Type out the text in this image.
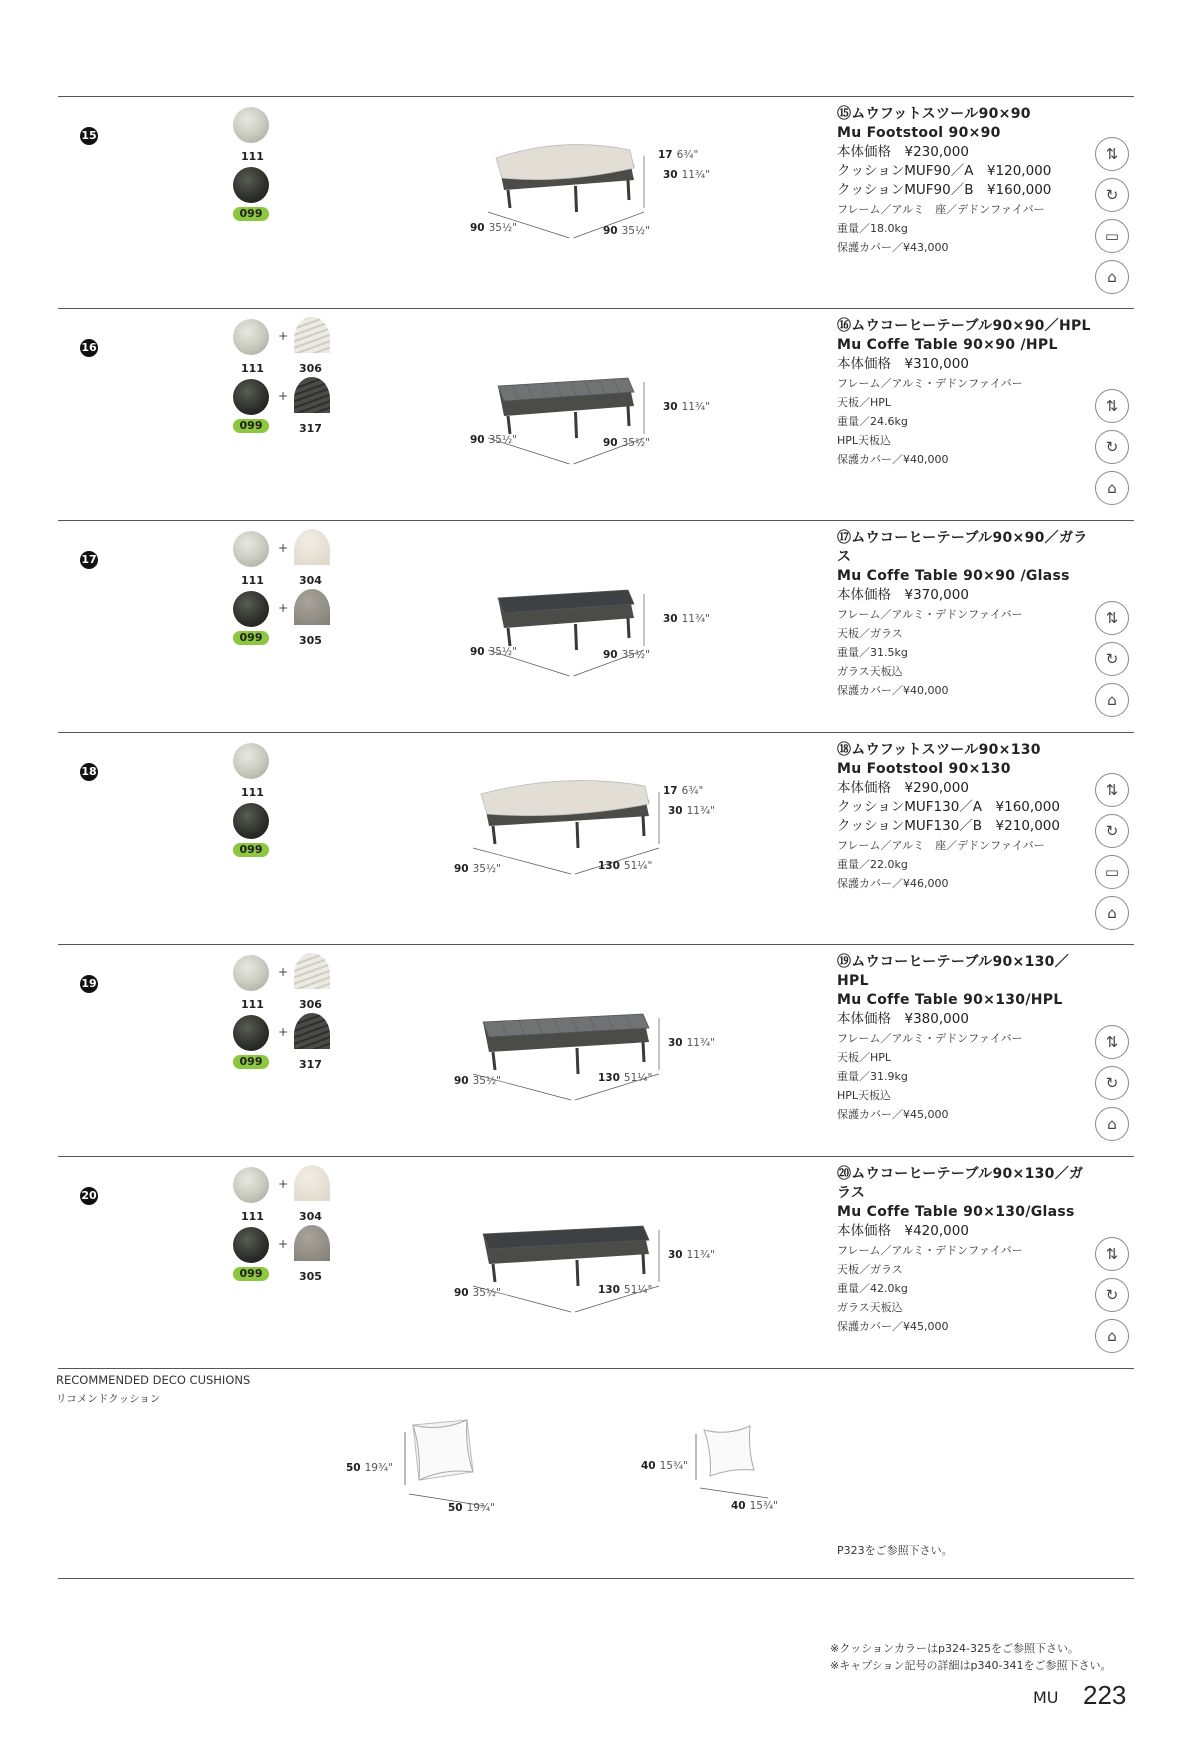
15
111
099
17 6¾"
30 11¾"
90 35½"	90 35½"
⑮ムウフットスツール90×90
Mu Footstool 90×90
本体価格　¥230,000
クッションMUF90／A　¥120,000
クッションMUF90／B　¥160,000
フレーム／アルミ　座／デドンファイバー
重量／18.0kg
保護カバー／¥43,000
⇅
↻
▭
⌂
16
111
099
+
306
+
317
30 11¾"
90 35½"	90 35½"
⑯ムウコーヒーテーブル90×90／HPL
Mu Coffe Table 90×90 /HPL
本体価格　¥310,000
フレーム／アルミ・デドンファイバー
天板／HPL
重量／24.6kg
HPL天板込
保護カバー／¥40,000
⇅
↻
⌂
17
111
099
+
304
+
305
30 11¾"
90 35½"	90 35½"
⑰ムウコーヒーテーブル90×90／ガラス
Mu Coffe Table 90×90 /Glass
本体価格　¥370,000
フレーム／アルミ・デドンファイバー
天板／ガラス
重量／31.5kg
ガラス天板込
保護カバー／¥40,000
⇅
↻
⌂
18
111
099
17 6¾"
30 11¾"
90 35½"	130 51¼"
⑱ムウフットスツール90×130
Mu Footstool 90×130
本体価格　¥290,000
クッションMUF130／A　¥160,000
クッションMUF130／B　¥210,000
フレーム／アルミ　座／デドンファイバー
重量／22.0kg
保護カバー／¥46,000
⇅
↻
▭
⌂
19
111
099
+
306
+
317
30 11¾"
90 35½"	130 51¼"
⑲ムウコーヒーテーブル90×130／HPL
Mu Coffe Table 90×130/HPL
本体価格　¥380,000
フレーム／アルミ・デドンファイバー
天板／HPL
重量／31.9kg
HPL天板込
保護カバー／¥45,000
⇅
↻
⌂
20
111
099
+
304
+
305
30 11¾"
90 35½"	130 51¼"
⑳ムウコーヒーテーブル90×130／ガラス
Mu Coffe Table 90×130/Glass
本体価格　¥420,000
フレーム／アルミ・デドンファイバー
天板／ガラス
重量／42.0kg
ガラス天板込
保護カバー／¥45,000
⇅
↻
⌂
RECOMMENDED DECO CUSHIONS
リコメンドクッション
50 19¾"
50 19¾"
40 15¾"
40 15¾"
P323をご参照下さい。
※クッションカラーはp324-325をご参照下さい。
※キャプション記号の詳細はp340-341をご参照下さい。
MU 223
